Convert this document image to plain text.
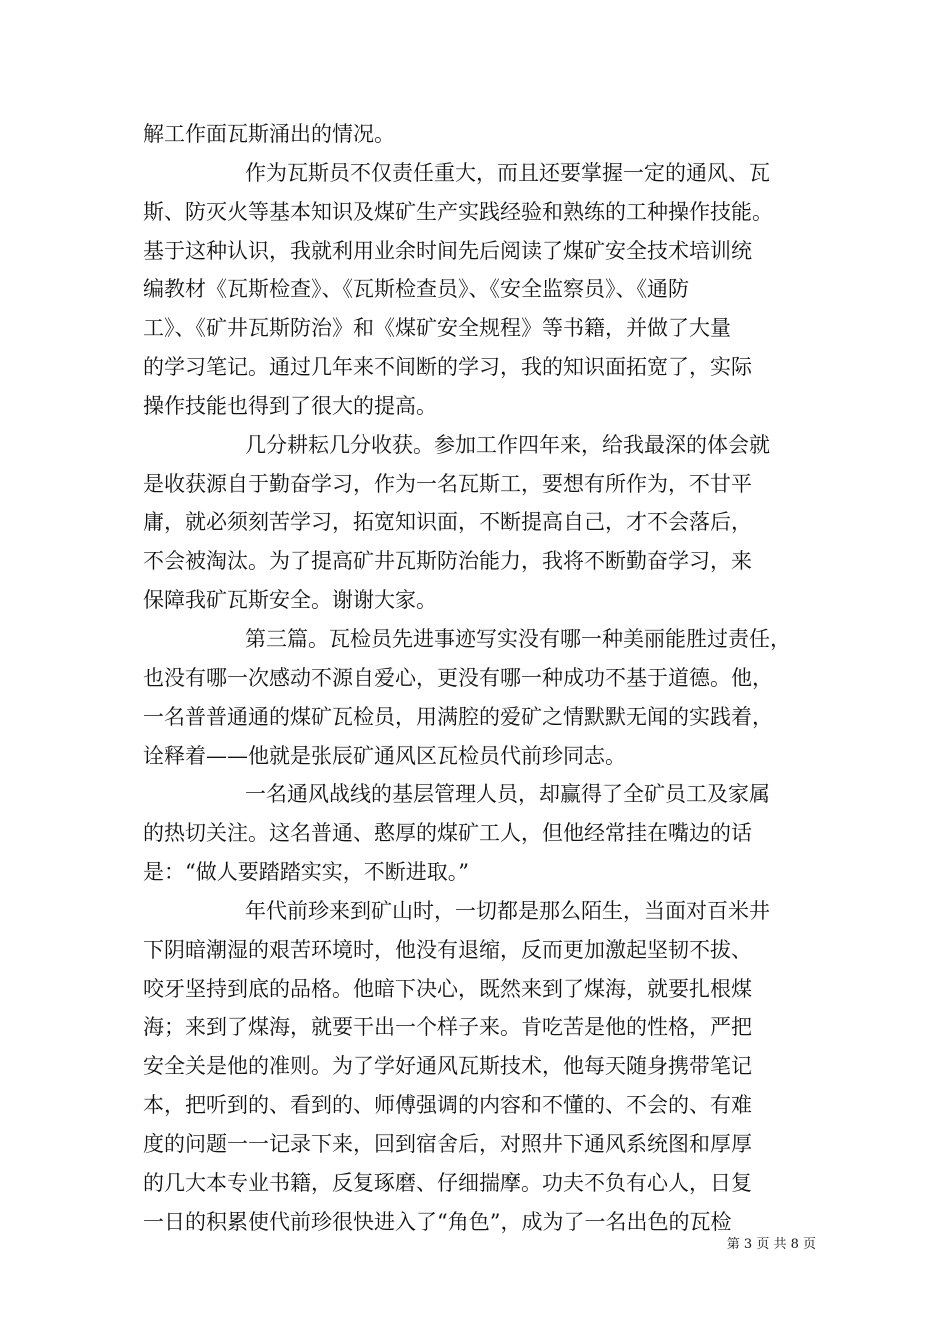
解工作面瓦斯涌出的情况。
作为瓦斯员不仅责任重大，而且还要掌握一定的通风、瓦
斯、防灭火等基本知识及煤矿生产实践经验和熟练的工种操作技能。
基于这种认识，我就利用业余时间先后阅读了煤矿安全技术培训统
编教材《瓦斯检查》、《瓦斯检查员》、《安全监察员》、《通防
工》、《矿井瓦斯防治》和《煤矿安全规程》等书籍，并做了大量
的学习笔记。通过几年来不间断的学习，我的知识面拓宽了，实际
操作技能也得到了很大的提高。
几分耕耘几分收获。参加工作四年来，给我最深的体会就
是收获源自于勤奋学习，作为一名瓦斯工，要想有所作为，不甘平
庸，就必须刻苦学习，拓宽知识面，不断提高自己，才不会落后，
不会被淘汰。为了提高矿井瓦斯防治能力，我将不断勤奋学习，来
保障我矿瓦斯安全。谢谢大家。
第三篇。瓦检员先进事迹写实没有哪一种美丽能胜过责任，
也没有哪一次感动不源自爱心，更没有哪一种成功不基于道德。他，
一名普普通通的煤矿瓦检员，用满腔的爱矿之情默默无闻的实践着，
诠释着——他就是张辰矿通风区瓦检员代前珍同志。
一名通风战线的基层管理人员，却赢得了全矿员工及家属
的热切关注。这名普通、憨厚的煤矿工人，但他经常挂在嘴边的话
是：“做人要踏踏实实，不断进取。”
年代前珍来到矿山时，一切都是那么陌生，当面对百米井
下阴暗潮湿的艰苦环境时，他没有退缩，反而更加激起坚韧不拔、
咬牙坚持到底的品格。他暗下决心，既然来到了煤海，就要扎根煤
海；来到了煤海，就要干出一个样子来。肯吃苦是他的性格，严把
安全关是他的准则。为了学好通风瓦斯技术，他每天随身携带笔记
本，把听到的、看到的、师傅强调的内容和不懂的、不会的、有难
度的问题一一记录下来，回到宿舍后，对照井下通风系统图和厚厚
的几大本专业书籍，反复琢磨、仔细揣摩。功夫不负有心人，日复
一日的积累使代前珍很快进入了“角色”，成为了一名出色的瓦检
第 3 页 共 8 页
